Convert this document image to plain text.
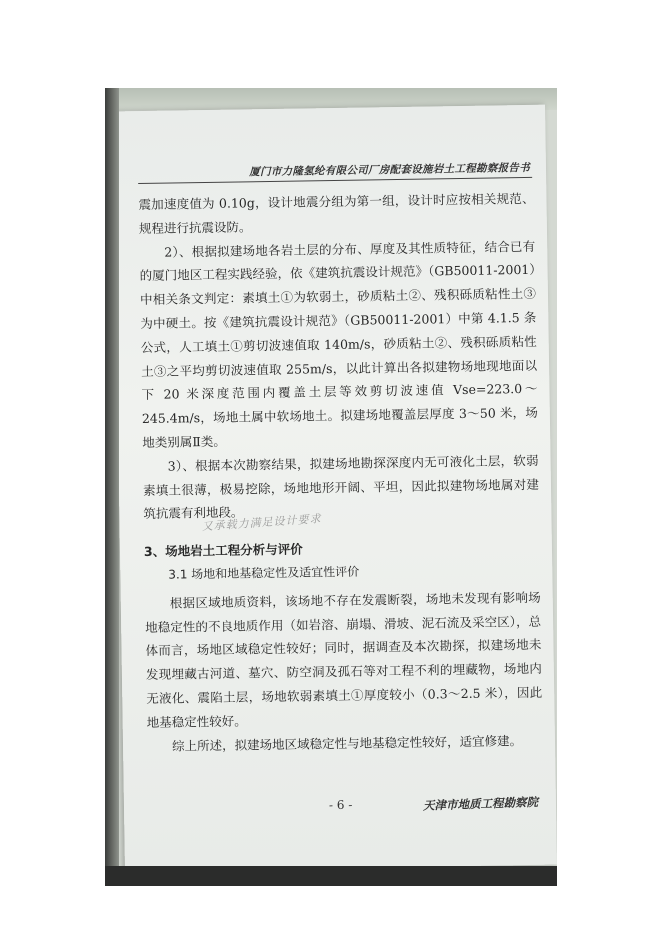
厦门市力隆氢纶有限公司厂房配套设施岩土工程勘察报告书

震加速度值为 0.10g，设计地震分组为第一组，设计时应按相关规范、规程进行抗震设防。

2）、根据拟建场地各岩土层的分布、厚度及其性质特征，结合已有的厦门地区工程实践经验，依《建筑抗震设计规范》（GB50011-2001）中相关条文判定：素填土①为软弱土，砂质粘土②、残积砾质粘性土③为中硬土。按《建筑抗震设计规范》（GB50011-2001）中第 4.1.5 条公式，人工填土①剪切波速值取 140m/s，砂质粘土②、残积砾质粘性土③之平均剪切波速值取 255m/s，以此计算出各拟建物场地现地面以下 20 米深度范围内覆盖土层等效剪切波速值 Vse=223.0～245.4m/s，场地土属中软场地土。拟建场地覆盖层厚度 3～50 米，场地类别属Ⅱ类。

3）、根据本次勘察结果，拟建场地勘探深度内无可液化土层，软弱素填土很薄，极易挖除，场地地形开阔、平坦，因此拟建物场地属对建筑抗震有利地段。

3、场地岩土工程分析与评价

3.1 场地和地基稳定性及适宜性评价

根据区域地质资料，该场地不存在发震断裂，场地未发现有影响场地稳定性的不良地质作用（如岩溶、崩塌、滑坡、泥石流及采空区），总体而言，场地区域稳定性较好；同时，据调查及本次勘探，拟建场地未发现埋藏古河道、墓穴、防空洞及孤石等对工程不利的埋藏物，场地内无液化、震陷土层，场地软弱素填土①厚度较小（0.3～2.5 米），因此地基稳定性较好。

综上所述，拟建场地区域稳定性与地基稳定性较好，适宜修建。

又承载力满足设计要求
- 6 -	天津市地质工程勘察院
